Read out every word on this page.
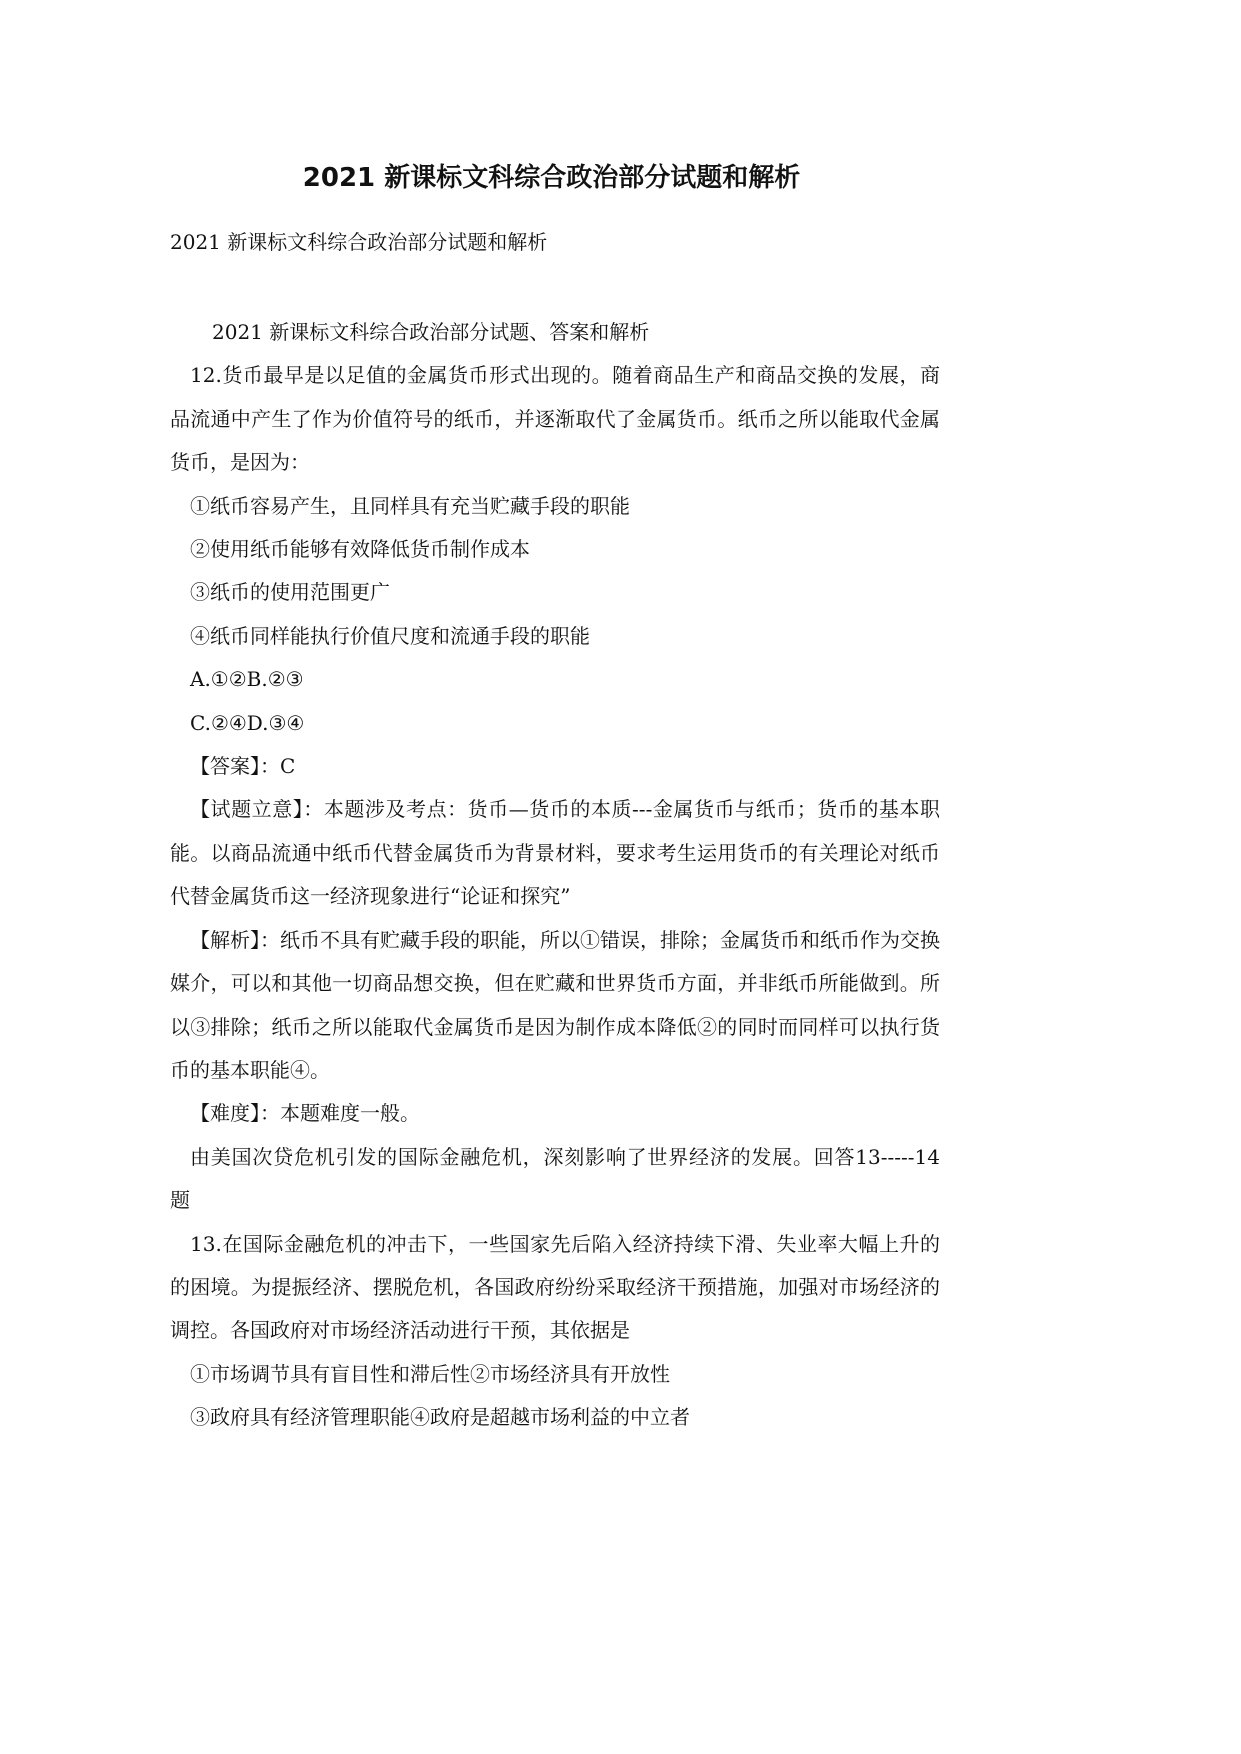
2021 新课标文科综合政治部分试题和解析

2021 新课标文科综合政治部分试题和解析

2021 新课标文科综合政治部分试题、答案和解析

12.货币最早是以足值的金属货币形式出现的。随着商品生产和商品交换的发展，商品流通中产生了作为价值符号的纸币，并逐渐取代了金属货币。纸币之所以能取代金属货币，是因为：

①纸币容易产生，且同样具有充当贮藏手段的职能

②使用纸币能够有效降低货币制作成本

③纸币的使用范围更广

④纸币同样能执行价值尺度和流通手段的职能

A.①②B.②③

C.②④D.③④

【答案】：C

【试题立意】：本题涉及考点：货币—货币的本质---金属货币与纸币；货币的基本职能。以商品流通中纸币代替金属货币为背景材料，要求考生运用货币的有关理论对纸币代替金属货币这一经济现象进行“论证和探究”

【解析】：纸币不具有贮藏手段的职能，所以①错误，排除；金属货币和纸币作为交换媒介，可以和其他一切商品想交换，但在贮藏和世界货币方面，并非纸币所能做到。所以③排除；纸币之所以能取代金属货币是因为制作成本降低②的同时而同样可以执行货币的基本职能④。

【难度】：本题难度一般。

由美国次贷危机引发的国际金融危机，深刻影响了世界经济的发展。回答13-----14 题

13.在国际金融危机的冲击下，一些国家先后陷入经济持续下滑、失业率大幅上升的的困境。为提振经济、摆脱危机，各国政府纷纷采取经济干预措施，加强对市场经济的调控。各国政府对市场经济活动进行干预，其依据是

①市场调节具有盲目性和滞后性②市场经济具有开放性

③政府具有经济管理职能④政府是超越市场利益的中立者
